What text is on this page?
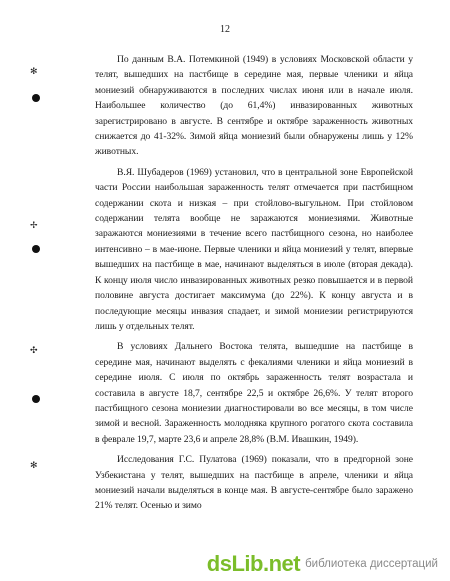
12
✻
✢
✣
✻

По данным В.А. Потемкиной (1949) в условиях Московской области у телят, вышедших на пастбище в середине мая, первые членики и яйца мониезий обнаруживаются в последних числах июня или в начале июля. Наибольшее количество (до 61,4%) инвазированных животных зарегистрировано в августе. В сентябре и октябре зараженность животных снижается до 41-32%. Зимой яйца мониезий были обнаружены лишь у 12% животных.

В.Я. Шубадеров (1969) установил, что в центральной зоне Европейской части России наибольшая зараженность телят отмечается при пастбищном содержании скота и низкая – при стойлово-выгульном. При стойловом содержании телята вообще не заражаются мониезиями. Животные заражаются мониезиями в течение всего пастбищного сезона, но наиболее интенсивно – в мае-июне. Первые членики и яйца мониезий у телят, впервые вышедших на пастбище в мае, начинают выделяться в июле (вторая декада). К концу июля число инвазированных животных резко повышается и в первой половине августа достигает максимума (до 22%). К концу августа и в последующие месяцы инвазия спадает, и зимой мониезии регистрируются лишь у отдельных телят.

В условиях Дальнего Востока телята, вышедшие на пастбище в середине мая, начинают выделять с фекалиями членики и яйца мониезий в середине июля. С июля по октябрь зараженность телят возрастала и составила в августе 18,7, сентябре 22,5 и октябре 26,6%. У телят второго пастбищного сезона мониезии диагностировали во все месяцы, в том числе зимой и весной. Зараженность молодняка крупного рогатого скота составила в феврале 19,7, марте 23,6 и апреле 28,8% (В.М. Ивашкин, 1949).

Исследования Г.С. Пулатова (1969) показали, что в предгорной зоне Узбекистана у телят, вышедших на пастбище в апреле, членики и яйца мониезий начали выделяться в конце мая. В августе-сентябре было заражено 21% телят. Осенью и зимо

dsLib.net библиотека диссертаций
